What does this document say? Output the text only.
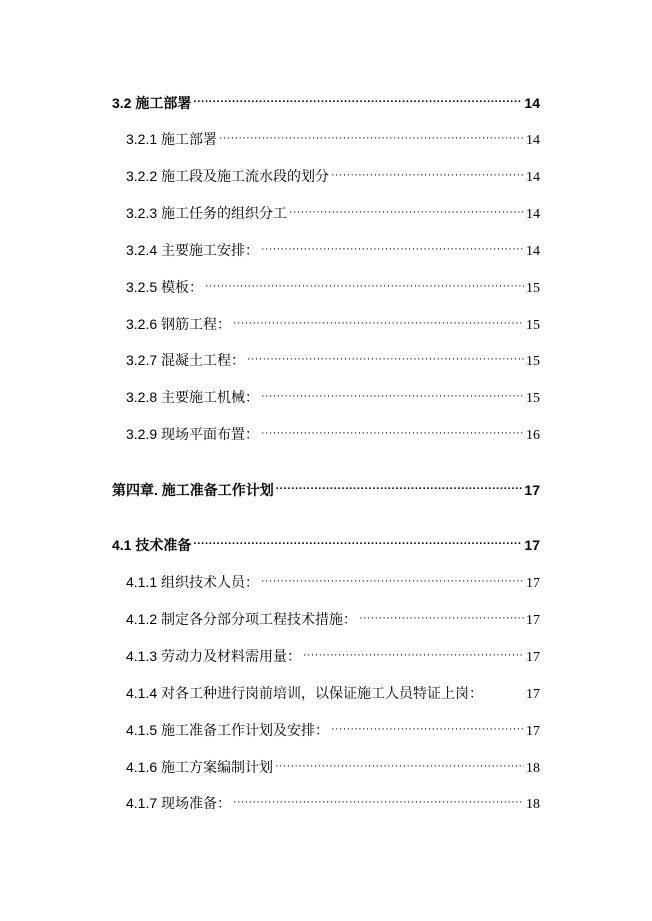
3.2 施工部署 ·····	14
3.2.1 施工部署 ·····	14
3.2.2 施工段及施工流水段的划分 ·····	14
3.2.3 施工任务的组织分工 ·····	14
3.2.4 主要施工安排： ·····	14
3.2.5 模板： ·····	15
3.2.6 钢筋工程： ·····	15
3.2.7 混凝土工程： ·····	15
3.2.8 主要施工机械： ·····	15
3.2.9 现场平面布置： ·····	16
第四章. 施工准备工作计划 ·····	17
4.1 技术准备 ·····	17
4.1.1 组织技术人员： ·····	17
4.1.2 制定各分部分项工程技术措施： ·····	17
4.1.3 劳动力及材料需用量： ·····	17
4.1.4 对各工种进行岗前培训，以保证施工人员特证上岗：	17
4.1.5 施工准备工作计划及安排： ·····	17
4.1.6 施工方案编制计划 ·····	18
4.1.7 现场准备： ·····	18
